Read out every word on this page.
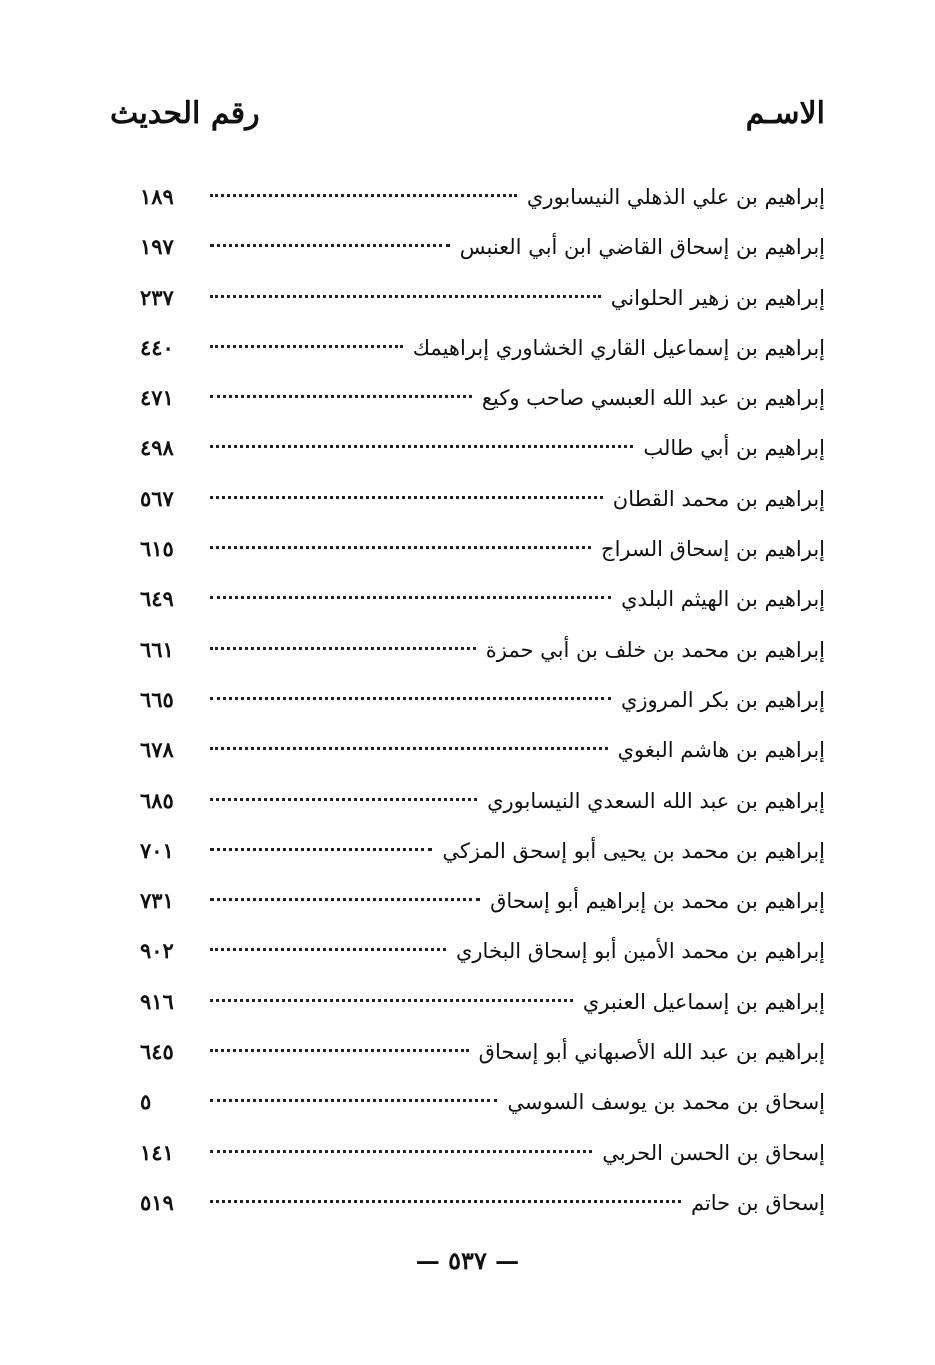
الاسـم
رقم الحديث
إبراهيم بن علي الذهلي النيسابوري
١٨٩
إبراهيم بن إسحاق القاضي ابن أبي العنبس
١٩٧
إبراهيم بن زهير الحلواني
٢٣٧
إبراهيم بن إسماعيل القاري الخشاوري إبراهيمك
٤٤٠
إبراهيم بن عبد الله العبسي صاحب وكيع
٤٧١
إبراهيم بن أبي طالب
٤٩٨
إبراهيم بن محمد القطان
٥٦٧
إبراهيم بن إسحاق السراج
٦١٥
إبراهيم بن الهيثم البلدي
٦٤٩
إبراهيم بن محمد بن خلف بن أبي حمزة
٦٦١
إبراهيم بن بكر المروزي
٦٦٥
إبراهيم بن هاشم البغوي
٦٧٨
إبراهيم بن عبد الله السعدي النيسابوري
٦٨٥
إبراهيم بن محمد بن يحيى أبو إسحق المزكي
٧٠١
إبراهيم بن محمد بن إبراهيم أبو إسحاق
٧٣١
إبراهيم بن محمد الأمين أبو إسحاق البخاري
٩٠٢
إبراهيم بن إسماعيل العنبري
٩١٦
إبراهيم بن عبد الله الأصبهاني أبو إسحاق
٦٤٥
إسحاق بن محمد بن يوسف السوسي
٥
إسحاق بن الحسن الحربي
١٤١
إسحاق بن حاتم
٥١٩
— ٥٣٧ —
